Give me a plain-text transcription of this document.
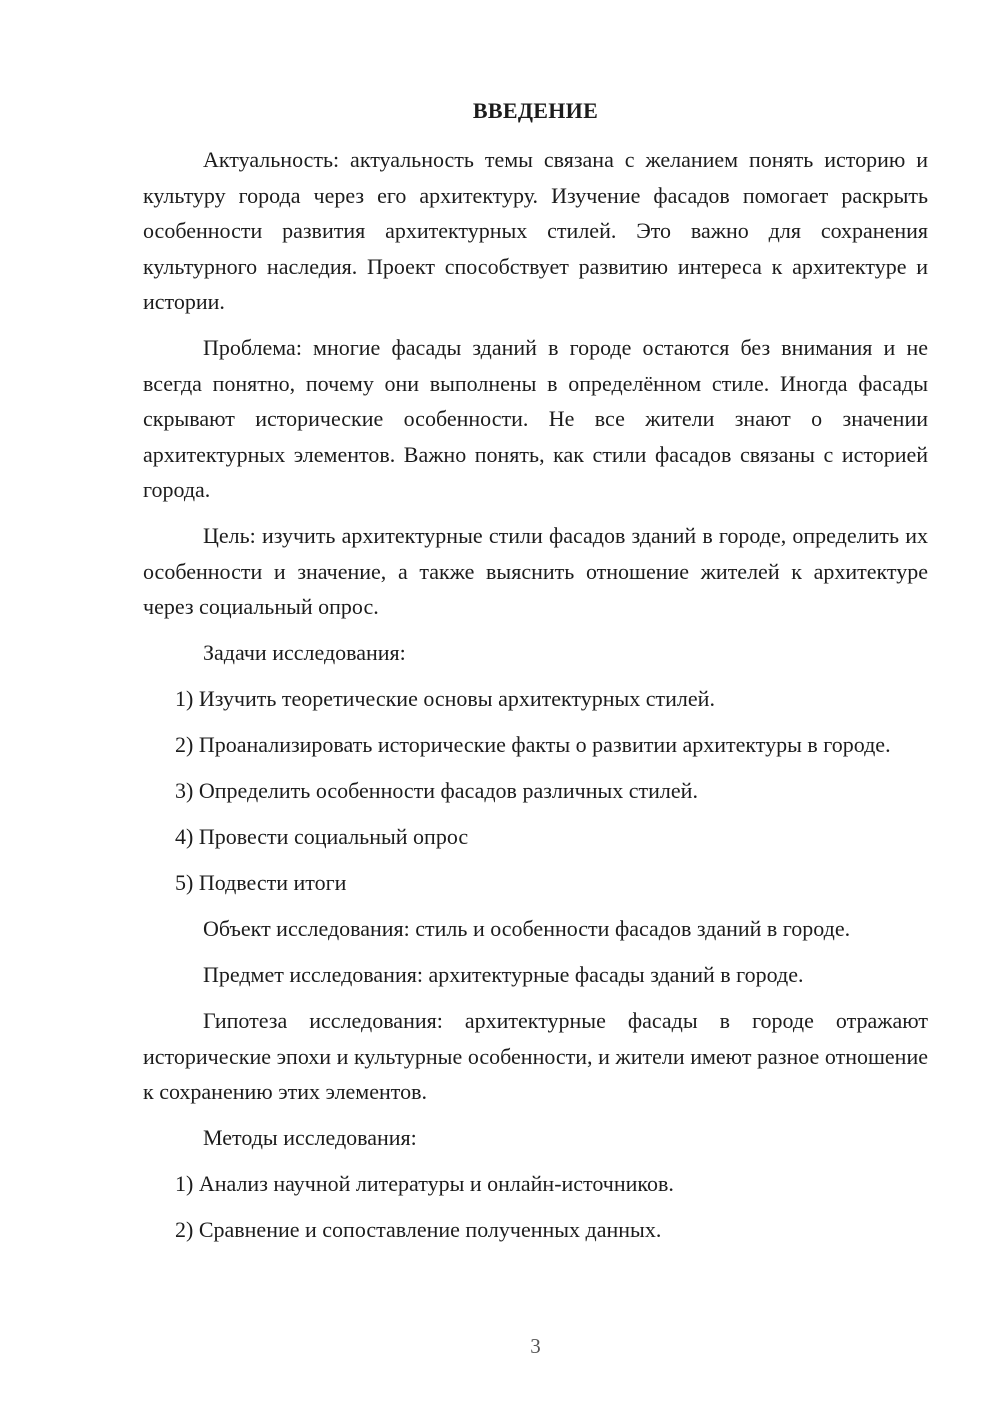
ВВЕДЕНИЕ

Актуальность: актуальность темы связана с желанием понять историю и культуру города через его архитектуру. Изучение фасадов помогает раскрыть особенности развития архитектурных стилей. Это важно для сохранения культурного наследия. Проект способствует развитию интереса к архитектуре и истории.

Проблема: многие фасады зданий в городе остаются без внимания и не всегда понятно, почему они выполнены в определённом стиле. Иногда фасады скрывают исторические особенности. Не все жители знают о значении архитектурных элементов. Важно понять, как стили фасадов связаны с историей города.

Цель: изучить архитектурные стили фасадов зданий в городе, определить их особенности и значение, а также выяснить отношение жителей к архитектуре через социальный опрос.

Задачи исследования:

1) Изучить теоретические основы архитектурных стилей.

2) Проанализировать исторические факты о развитии архитектуры в городе.

3) Определить особенности фасадов различных стилей.

4) Провести социальный опрос

5) Подвести итоги

Объект исследования: стиль и особенности фасадов зданий в городе.

Предмет исследования: архитектурные фасады зданий в городе.

Гипотеза исследования: архитектурные фасады в городе отражают исторические эпохи и культурные особенности, и жители имеют разное отношение к сохранению этих элементов.

Методы исследования:

1) Анализ научной литературы и онлайн-источников.

2) Сравнение и сопоставление полученных данных.

3
